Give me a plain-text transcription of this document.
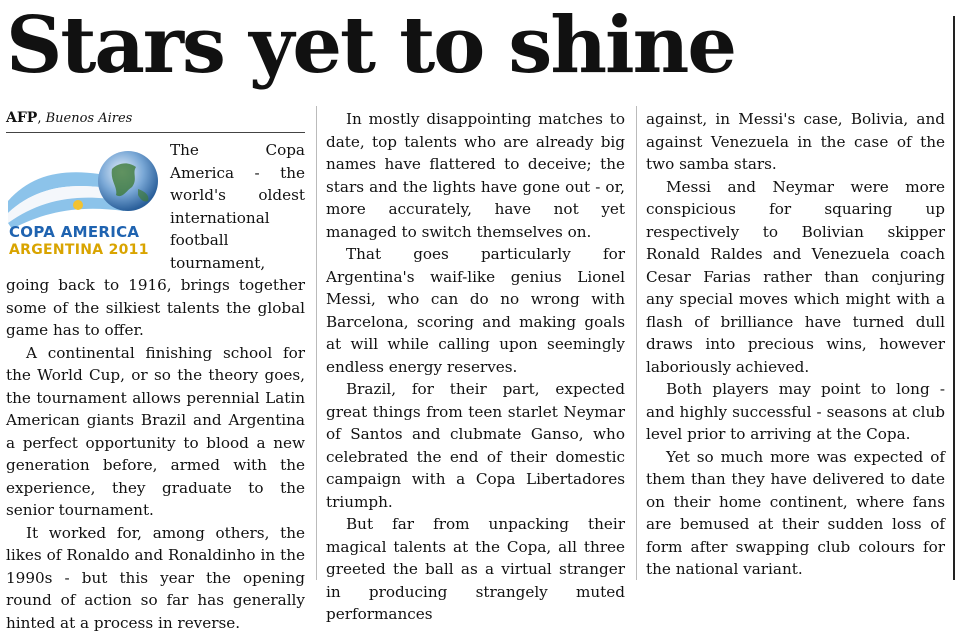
Stars yet to shine
AFP, Buenos Aires
COPA AMERICA
ARGENTINA 2011

The Copa America - the world's oldest international football tournament, going back to 1916, brings together some of the silkiest talents the global game has to offer.

A continental finishing school for the World Cup, or so the theory goes, the tournament allows perennial Latin American giants Brazil and Argentina a perfect opportunity to blood a new generation before, armed with the experience, they graduate to the senior tournament.

It worked for, among others, the likes of Ronaldo and Ronaldinho in the 1990s - but this year the opening round of action so far has generally hinted at a process in reverse.

In mostly disappointing matches to date, top talents who are already big names have flattered to deceive; the stars and the lights have gone out - or, more accurately, have not yet managed to switch themselves on.

That goes particularly for Argentina's waif-like genius Lionel Messi, who can do no wrong with Barcelona, scoring and making goals at will while calling upon seemingly endless energy reserves.

Brazil, for their part, expected great things from teen starlet Neymar of Santos and clubmate Ganso, who celebrated the end of their domestic campaign with a Copa Libertadores triumph.

But far from unpacking their magical talents at the Copa, all three greeted the ball as a virtual stranger in producing strangely muted performances

against, in Messi's case, Bolivia, and against Venezuela in the case of the two samba stars.

Messi and Neymar were more conspicious for squaring up respectively to Bolivian skipper Ronald Raldes and Venezuela coach Cesar Farias rather than conjuring any special moves which might with a flash of brilliance have turned dull draws into precious wins, however laboriously achieved.

Both players may point to long - and highly successful - seasons at club level prior to arriving at the Copa.

Yet so much more was expected of them than they have delivered to date on their home continent, where fans are bemused at their sudden loss of form after swapping club colours for the national variant.
